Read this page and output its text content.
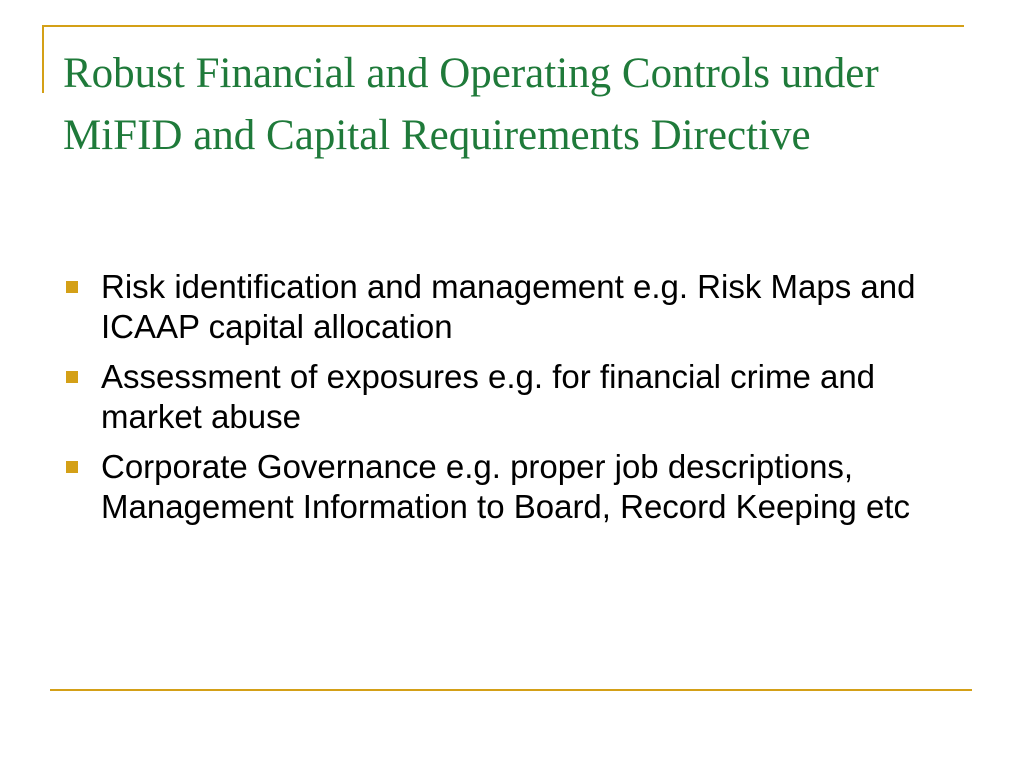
Robust Financial and Operating Controls under MiFID and Capital Requirements Directive
Risk identification and management e.g. Risk Maps and ICAAP capital allocation
Assessment of exposures e.g. for financial crime and market abuse
Corporate Governance e.g. proper job descriptions, Management Information to Board, Record Keeping etc
